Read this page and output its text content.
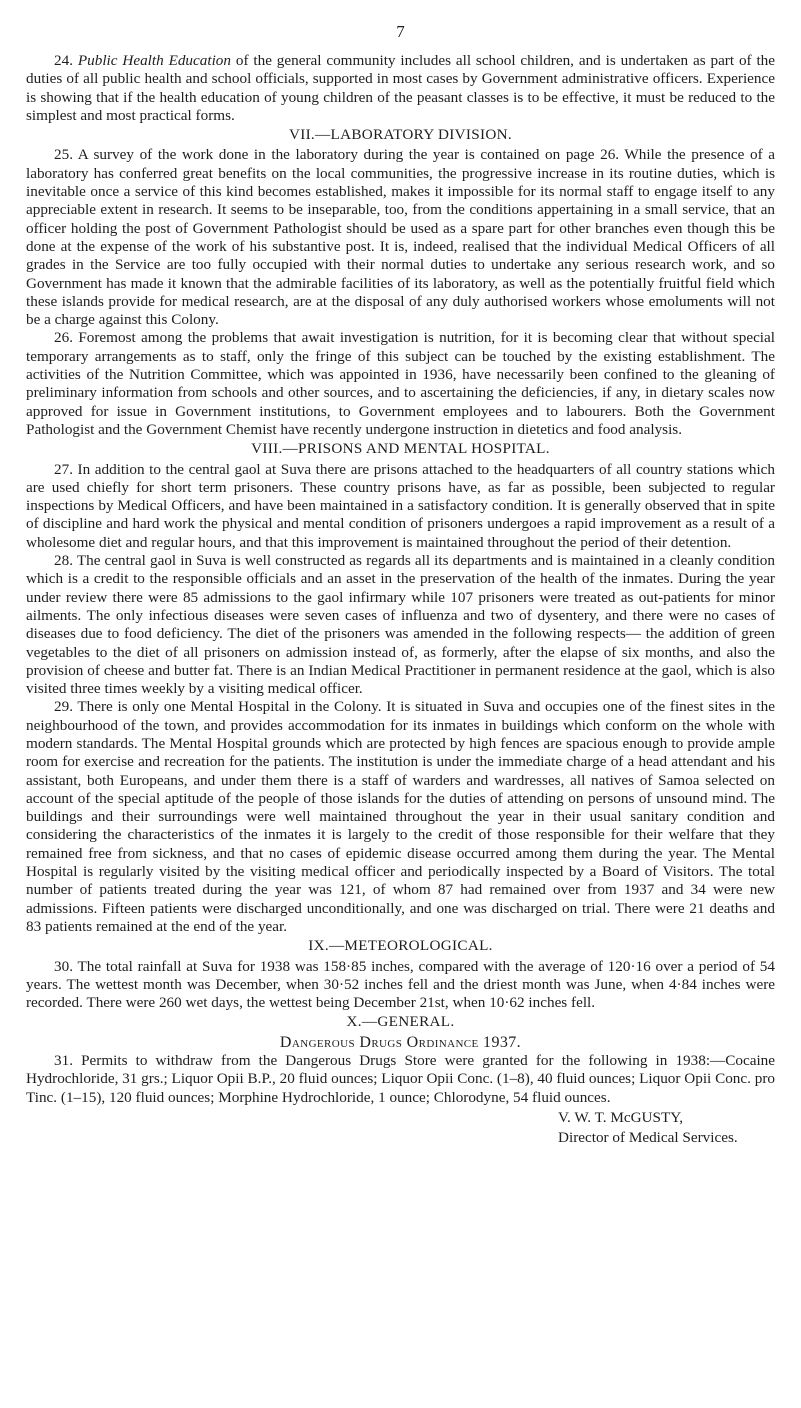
7

24. Public Health Education of the general community includes all school children, and is undertaken as part of the duties of all public health and school officials, supported in most cases by Government administrative officers. Experience is showing that if the health education of young children of the peasant classes is to be effective, it must be reduced to the simplest and most practical forms.

VII.—LABORATORY DIVISION.

25. A survey of the work done in the laboratory during the year is contained on page 26. While the presence of a laboratory has conferred great benefits on the local communities, the progressive increase in its routine duties, which is inevitable once a service of this kind becomes established, makes it impossible for its normal staff to engage itself to any appreciable extent in research. It seems to be inseparable, too, from the conditions appertaining in a small service, that an officer holding the post of Government Pathologist should be used as a spare part for other branches even though this be done at the expense of the work of his substantive post. It is, indeed, realised that the individual Medical Officers of all grades in the Service are too fully occupied with their normal duties to undertake any serious research work, and so Government has made it known that the admirable facilities of its laboratory, as well as the potentially fruitful field which these islands provide for medical research, are at the disposal of any duly authorised workers whose emoluments will not be a charge against this Colony.

26. Foremost among the problems that await investigation is nutrition, for it is becoming clear that without special temporary arrangements as to staff, only the fringe of this subject can be touched by the existing establishment. The activities of the Nutrition Committee, which was appointed in 1936, have necessarily been confined to the gleaning of preliminary information from schools and other sources, and to ascertaining the deficiencies, if any, in dietary scales now approved for issue in Government institutions, to Government employees and to labourers. Both the Government Pathologist and the Government Chemist have recently undergone instruction in dietetics and food analysis.

VIII.—PRISONS AND MENTAL HOSPITAL.

27. In addition to the central gaol at Suva there are prisons attached to the headquarters of all country stations which are used chiefly for short term prisoners. These country prisons have, as far as possible, been subjected to regular inspections by Medical Officers, and have been maintained in a satisfactory condition. It is generally observed that in spite of discipline and hard work the physical and mental condition of prisoners undergoes a rapid improvement as a result of a wholesome diet and regular hours, and that this improvement is maintained throughout the period of their detention.

28. The central gaol in Suva is well constructed as regards all its departments and is maintained in a cleanly condition which is a credit to the responsible officials and an asset in the preservation of the health of the inmates. During the year under review there were 85 admissions to the gaol infirmary while 107 prisoners were treated as out-patients for minor ailments. The only infectious diseases were seven cases of influenza and two of dysentery, and there were no cases of diseases due to food deficiency. The diet of the prisoners was amended in the following respects— the addition of green vegetables to the diet of all prisoners on admission instead of, as formerly, after the elapse of six months, and also the provision of cheese and butter fat. There is an Indian Medical Practitioner in permanent residence at the gaol, which is also visited three times weekly by a visiting medical officer.

29. There is only one Mental Hospital in the Colony. It is situated in Suva and occupies one of the finest sites in the neighbourhood of the town, and provides accommodation for its inmates in buildings which conform on the whole with modern standards. The Mental Hospital grounds which are protected by high fences are spacious enough to provide ample room for exercise and recreation for the patients. The institution is under the immediate charge of a head attendant and his assistant, both Europeans, and under them there is a staff of warders and wardresses, all natives of Samoa selected on account of the special aptitude of the people of those islands for the duties of attending on persons of unsound mind. The buildings and their surroundings were well maintained throughout the year in their usual sanitary condition and considering the characteristics of the inmates it is largely to the credit of those responsible for their welfare that they remained free from sickness, and that no cases of epidemic disease occurred among them during the year. The Mental Hospital is regularly visited by the visiting medical officer and periodically inspected by a Board of Visitors. The total number of patients treated during the year was 121, of whom 87 had remained over from 1937 and 34 were new admissions. Fifteen patients were discharged unconditionally, and one was discharged on trial. There were 21 deaths and 83 patients remained at the end of the year.

IX.—METEOROLOGICAL.

30. The total rainfall at Suva for 1938 was 158·85 inches, compared with the average of 120·16 over a period of 54 years. The wettest month was December, when 30·52 inches fell and the driest month was June, when 4·84 inches were recorded. There were 260 wet days, the wettest being December 21st, when 10·62 inches fell.

X.—GENERAL.

Dangerous Drugs Ordinance 1937.

31. Permits to withdraw from the Dangerous Drugs Store were granted for the following in 1938:—Cocaine Hydrochloride, 31 grs.; Liquor Opii B.P., 20 fluid ounces; Liquor Opii Conc. (1–8), 40 fluid ounces; Liquor Opii Conc. pro Tinc. (1–15), 120 fluid ounces; Morphine Hydrochloride, 1 ounce; Chlorodyne, 54 fluid ounces.

V. W. T. McGUSTY,

Director of Medical Services.
